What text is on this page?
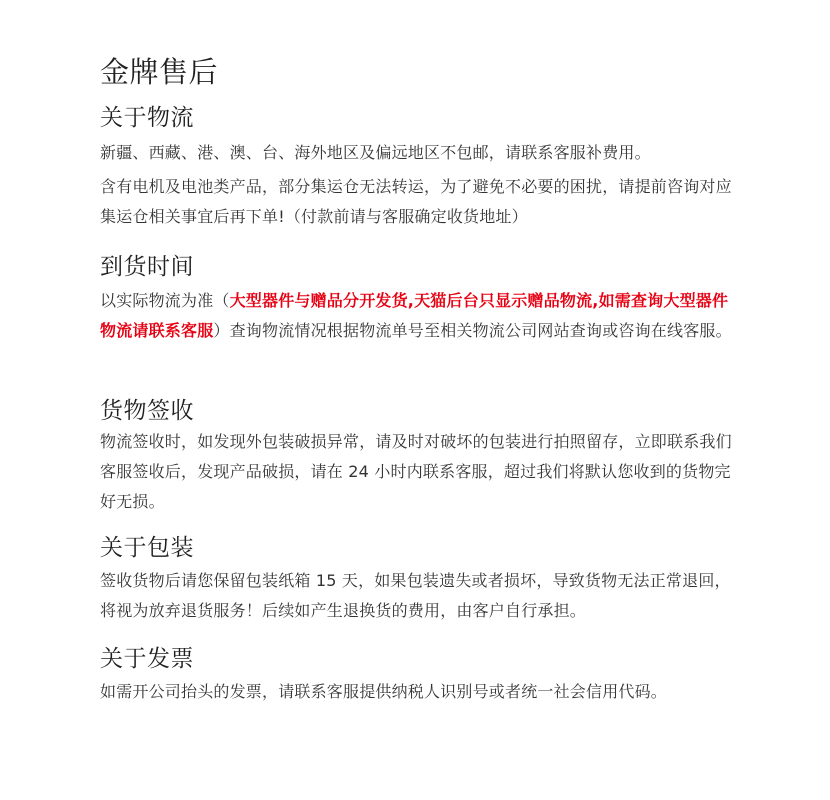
金牌售后
关于物流

新疆、西藏、港、澳、台、海外地区及偏远地区不包邮，请联系客服补费用。

含有电机及电池类产品，部分集运仓无法转运，为了避免不必要的困扰，请提前咨询对应集运仓相关事宜后再下单!（付款前请与客服确定收货地址）

到货时间

以实际物流为准（大型器件与赠品分开发货,天猫后台只显示赠品物流,如需查询大型器件物流请联系客服）查询物流情况根据物流单号至相关物流公司网站查询或咨询在线客服。

货物签收

物流签收时，如发现外包装破损异常，请及时对破坏的包装进行拍照留存，立即联系我们客服签收后，发现产品破损，请在 24 小时内联系客服，超过我们将默认您收到的货物完好无损。

关于包装

签收货物后请您保留包装纸箱 15 天，如果包装遗失或者损坏，导致货物无法正常退回，将视为放弃退货服务！后续如产生退换货的费用，由客户自行承担。

关于发票

如需开公司抬头的发票，请联系客服提供纳税人识别号或者统一社会信用代码。
